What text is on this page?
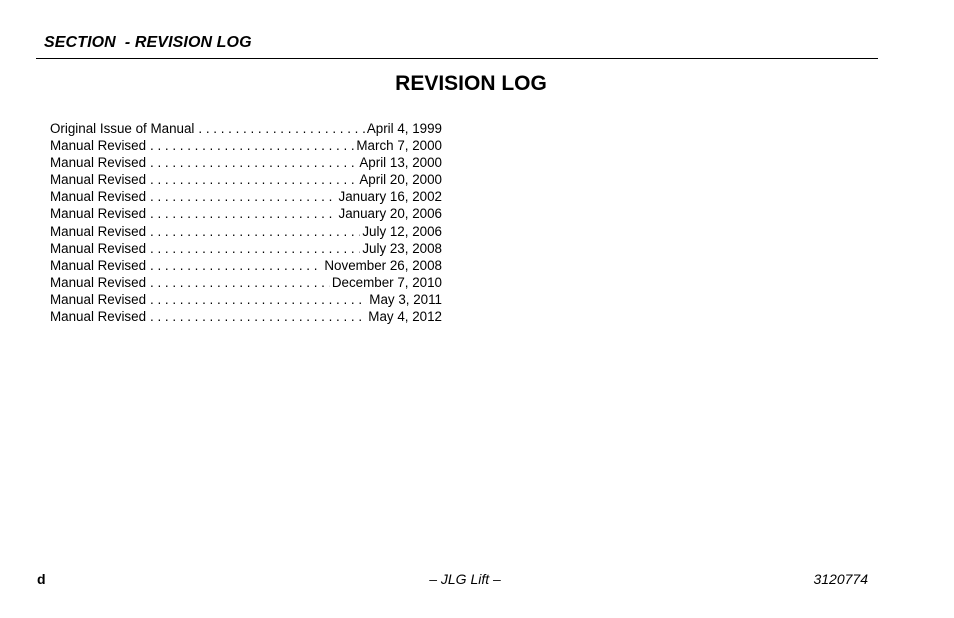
SECTION  - REVISION LOG
REVISION LOG
Original Issue of Manual . . .	April 4, 1999
Manual Revised . . .	March 7, 2000
Manual Revised . . .	April 13, 2000
Manual Revised . . .	April 20, 2000
Manual Revised . . .	January 16, 2002
Manual Revised . . .	January 20, 2006
Manual Revised . . .	July 12, 2006
Manual Revised . . .	July 23, 2008
Manual Revised . . .	November 26, 2008
Manual Revised . . .	December 7, 2010
Manual Revised . . .	May 3, 2011
Manual Revised . . .	May 4, 2012
d	– JLG Lift –	3120774
